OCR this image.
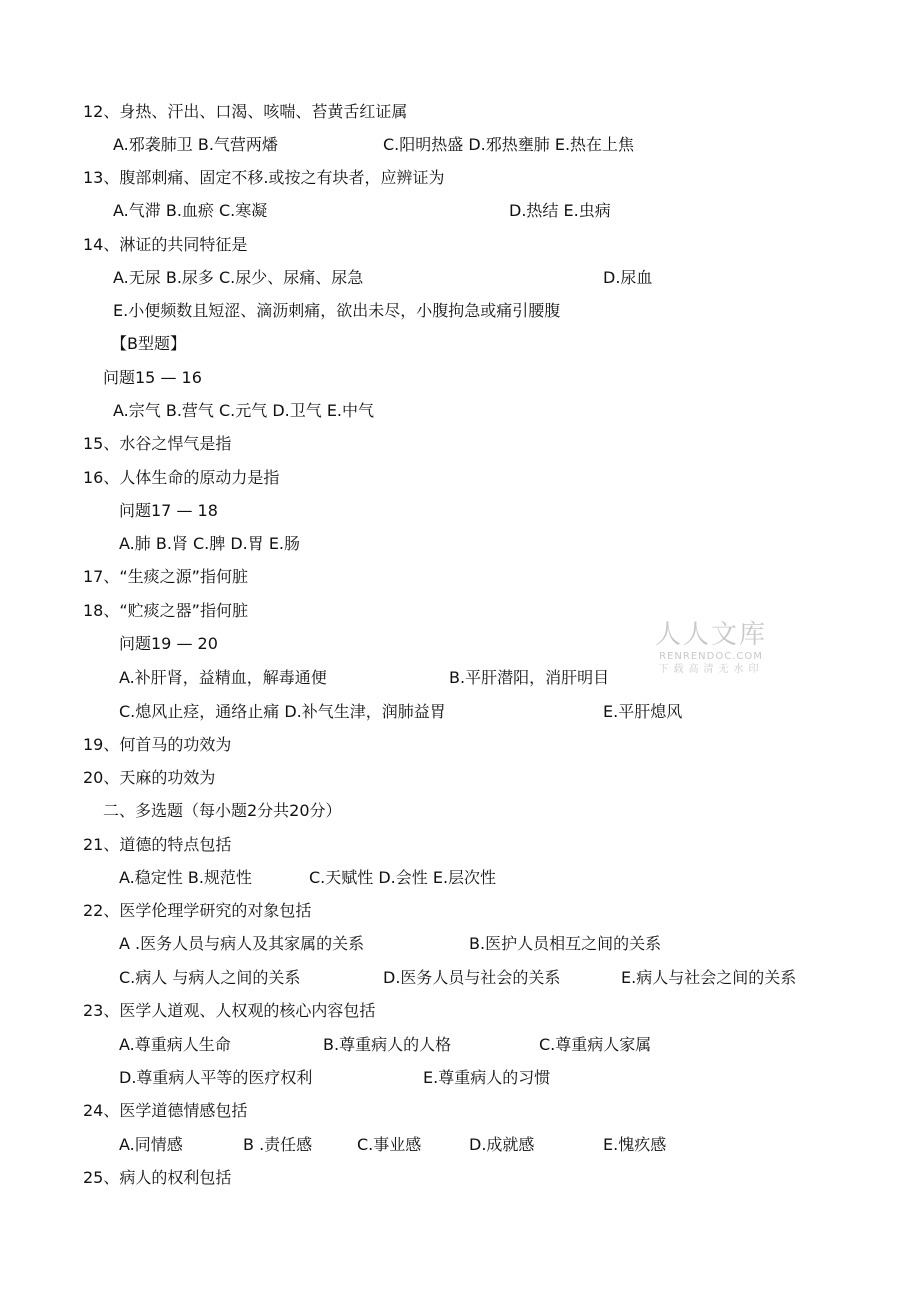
12、身热、汗出、口渴、咳喘、苔黄舌红证属
A.邪袭肺卫 B.气营两燔	C.阳明热盛 D.邪热壅肺 E.热在上焦
13、腹部刺痛、固定不移.或按之有块者，应辨证为
A.气滞 B.血瘀 C.寒凝	D.热结 E.虫病
14、淋证的共同特征是
A.无尿 B.尿多 C.尿少、尿痛、尿急	D.尿血
E.小便频数且短涩、滴沥刺痛，欲出未尽，小腹拘急或痛引腰腹
【B型题】
问题15 — 16
A.宗气 B.营气 C.元气 D.卫气 E.中气
15、水谷之悍气是指
16、人体生命的原动力是指
问题17 — 18
A.肺 B.肾 C.脾 D.胃 E.肠
17、“生痰之源”指何脏
18、“贮痰之器”指何脏
问题19 — 20
A.补肝肾，益精血，解毒通便	B.平肝潜阳，消肝明目
C.熄风止痉，通络止痛 D.补气生津，润肺益胃	E.平肝熄风
19、何首马的功效为
20、天麻的功效为
二、多选题（每小题2分共20分）
21、道德的特点包括
A.稳定性 B.规范性	C.天赋性 D.会性 E.层次性
22、医学伦理学研究的对象包括
A .医务人员与病人及其家属的关系	B.医护人员相互之间的关系
C.病人 与病人之间的关系	D.医务人员与社会的关系	E.病人与社会之间的关系
23、医学人道观、人权观的核心内容包括
A.尊重病人生命	B.尊重病人的人格	C.尊重病人家属
D.尊重病人平等的医疗权利	E.尊重病人的习惯
24、医学道德情感包括
A.同情感	B .责任感	C.事业感	D.成就感	E.愧疚感
25、病人的权利包括
人人文库
RENRENDOC.COM
下载高清无水印
